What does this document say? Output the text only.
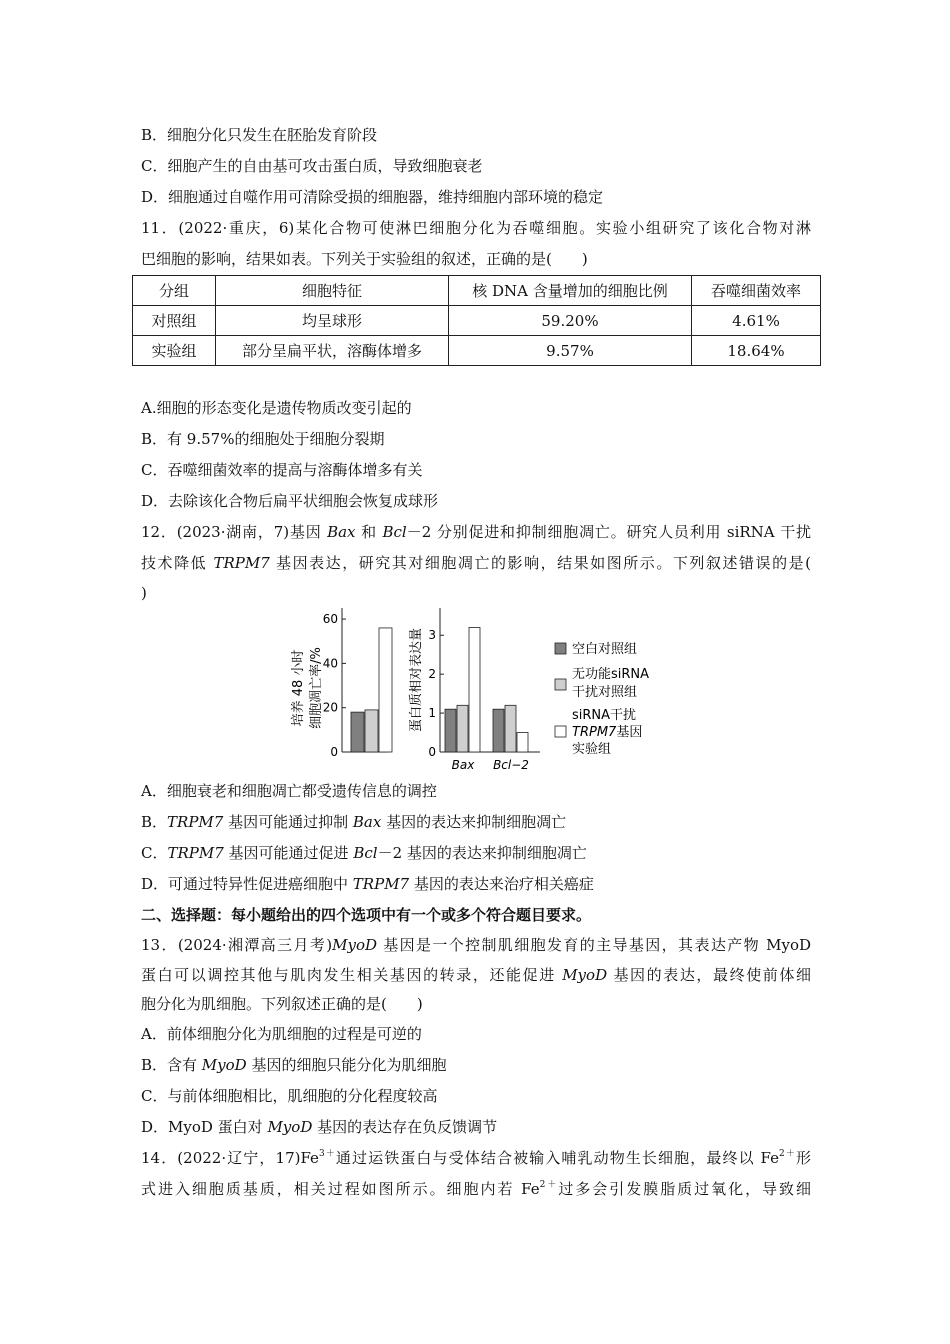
B．细胞分化只发生在胚胎发育阶段
C．细胞产生的自由基可攻击蛋白质，导致细胞衰老
D．细胞通过自噬作用可清除受损的细胞器，维持细胞内部环境的稳定
11．(2022·重庆，6)某化合物可使淋巴细胞分化为吞噬细胞。实验小组研究了该化合物对淋
巴细胞的影响，结果如表。下列关于实验组的叙述，正确的是(　　)
分组	细胞特征	核 DNA 含量增加的细胞比例	吞噬细菌效率
对照组	均呈球形	59.20%	4.61%
实验组	部分呈扁平状，溶酶体增多	9.57%	18.64%
A.细胞的形态变化是遗传物质改变引起的
B．有 9.57%的细胞处于细胞分裂期
C．吞噬细菌效率的提高与溶酶体增多有关
D．去除该化合物后扁平状细胞会恢复成球形
12．(2023·湖南，7)基因 Bax 和 Bcl－2 分别促进和抑制细胞凋亡。研究人员利用 siRNA 干扰
技术降低 TRPM7 基因表达，研究其对细胞凋亡的影响，结果如图所示。下列叙述错误的是(
)
培养 48 小时 细胞凋亡率/%
0
20
40
60
蛋白质相对表达量
0
1
2
3
Bax Bcl−2
空白对照组
无功能siRNA
干扰对照组
siRNA干扰
TRPM7基因
实验组
A．细胞衰老和细胞凋亡都受遗传信息的调控
B．TRPM7 基因可能通过抑制 Bax 基因的表达来抑制细胞凋亡
C．TRPM7 基因可能通过促进 Bcl－2 基因的表达来抑制细胞凋亡
D．可通过特异性促进癌细胞中 TRPM7 基因的表达来治疗相关癌症
二、选择题：每小题给出的四个选项中有一个或多个符合题目要求。
13．(2024·湘潭高三月考)MyoD 基因是一个控制肌细胞发育的主导基因，其表达产物 MyoD
蛋白可以调控其他与肌肉发生相关基因的转录，还能促进 MyoD 基因的表达，最终使前体细
胞分化为肌细胞。下列叙述正确的是(　　)
A．前体细胞分化为肌细胞的过程是可逆的
B．含有 MyoD 基因的细胞只能分化为肌细胞
C．与前体细胞相比，肌细胞的分化程度较高
D．MyoD 蛋白对 MyoD 基因的表达存在负反馈调节
14．(2022·辽宁，$17)Fe^{3+}$通过运铁蛋白与受体结合被输入哺乳动物生长细胞，最终以 $Fe^{2+}$形
式进入细胞质基质，相关过程如图所示。细胞内若 $Fe^{2+}$过多会引发膜脂质过氧化，导致细
